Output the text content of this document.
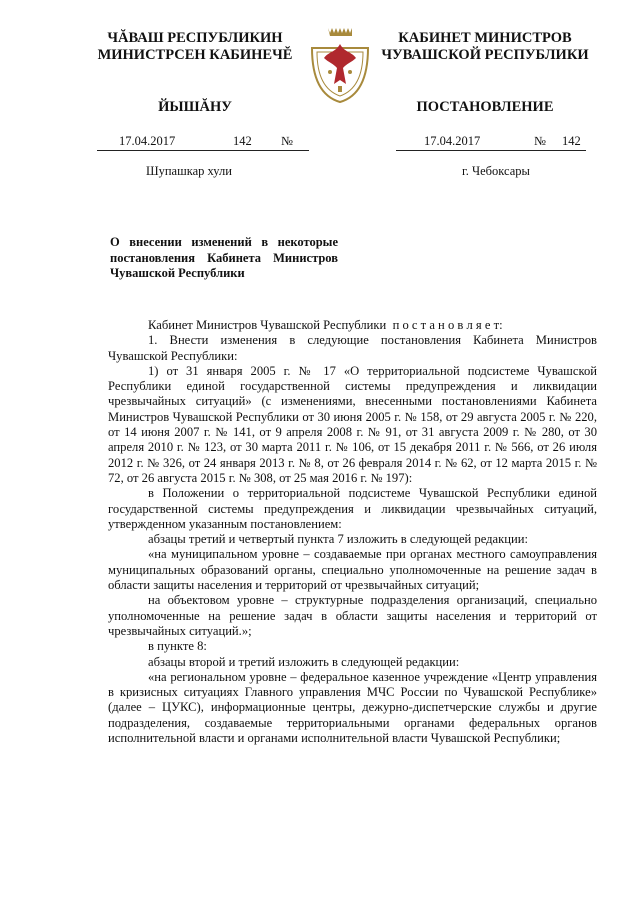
ЧĂВАШ РЕСПУБЛИКИН
МИНИСТРСЕН КАБИНЕЧĔ
КАБИНЕТ МИНИСТРОВ
ЧУВАШСКОЙ РЕСПУБЛИКИ
ЙЫШĂНУ	ПОСТАНОВЛЕНИЕ
17.04.2017	142 №	17.04.2017	№ 142
Шупашкар хули	г. Чебоксары
О внесении изменений в некоторые постановления Кабинета Министров Чувашской Республики

Кабинет Министров Чувашской Республики п о с т а н о в л я е т:

1. Внести изменения в следующие постановления Кабинета Министров Чувашской Республики:

1) от 31 января 2005 г. № 17 «О территориальной подсистеме Чувашской Республики единой государственной системы предупреждения и ликвидации чрезвычайных ситуаций» (с изменениями, внесенными постановлениями Кабинета Министров Чувашской Республики от 30 июня 2005 г. № 158, от 29 августа 2005 г. № 220, от 14 июня 2007 г. № 141, от 9 апреля 2008 г. № 91, от 31 августа 2009 г. № 280, от 30 апреля 2010 г. № 123, от 30 марта 2011 г. № 106, от 15 декабря 2011 г. № 566, от 26 июля 2012 г. № 326, от 24 января 2013 г. № 8, от 26 февраля 2014 г. № 62, от 12 марта 2015 г. № 72, от 26 августа 2015 г. № 308, от 25 мая 2016 г. № 197):

в Положении о территориальной подсистеме Чувашской Республики единой государственной системы предупреждения и ликвидации чрезвычайных ситуаций, утвержденном указанным постановлением:

абзацы третий и четвертый пункта 7 изложить в следующей редакции:

«на муниципальном уровне – создаваемые при органах местного самоуправления муниципальных образований органы, специально уполномоченные на решение задач в области защиты населения и территорий от чрезвычайных ситуаций;

на объектовом уровне – структурные подразделения организаций, специально уполномоченные на решение задач в области защиты населения и территорий от чрезвычайных ситуаций.»;

в пункте 8:

абзацы второй и третий изложить в следующей редакции:

«на региональном уровне – федеральное казенное учреждение «Центр управления в кризисных ситуациях Главного управления МЧС России по Чувашской Республике» (далее – ЦУКС), информационные центры, дежурно-диспетчерские службы и другие подразделения, создаваемые территориальными органами федеральных органов исполнительной власти и органами исполнительной власти Чувашской Республики;
